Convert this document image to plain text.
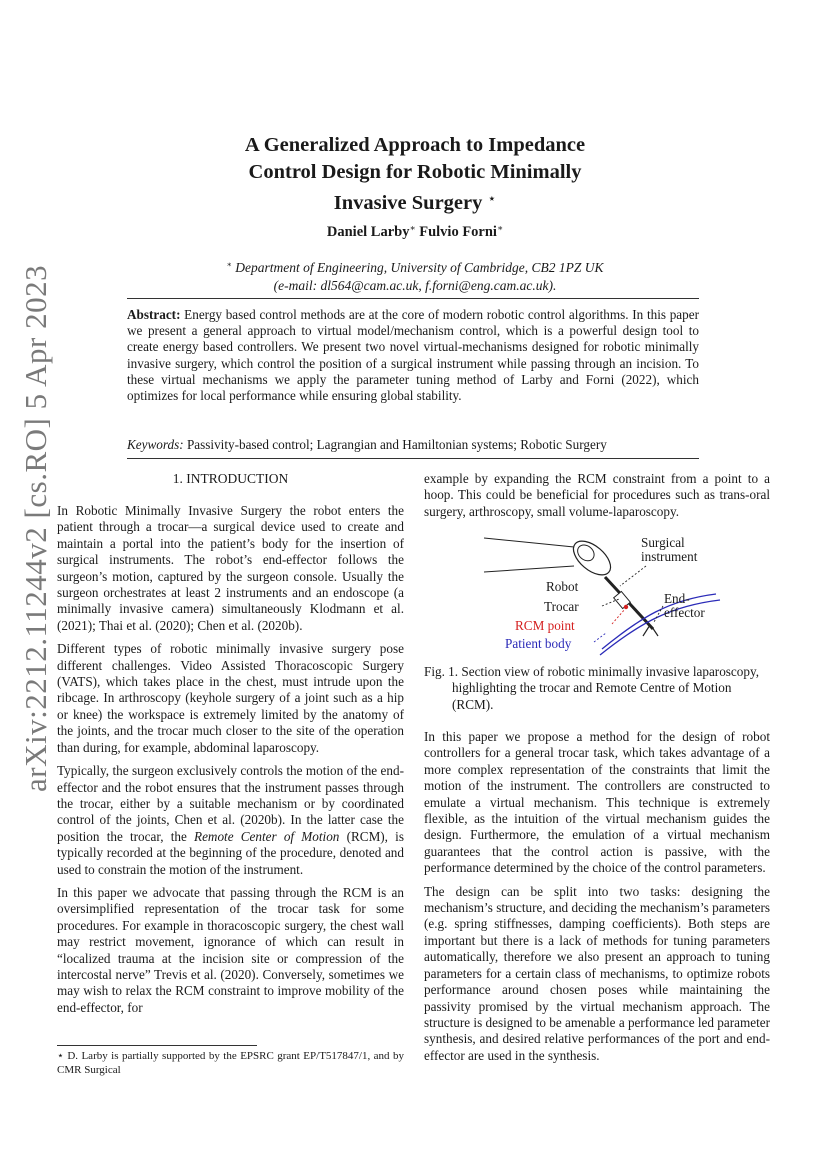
arXiv:2212.11244v2 [cs.RO] 5 Apr 2023
A Generalized Approach to Impedance
Control Design for Robotic Minimally
Invasive Surgery ⋆
Daniel Larby∗ Fulvio Forni∗
∗ Department of Engineering, University of Cambridge, CB2 1PZ UK
(e-mail: dl564@cam.ac.uk, f.forni@eng.cam.ac.uk).
Abstract: Energy based control methods are at the core of modern robotic control algorithms. In this paper we present a general approach to virtual model/mechanism control, which is a powerful design tool to create energy based controllers. We present two novel virtual-mechanisms designed for robotic minimally invasive surgery, which control the position of a surgical instrument while passing through an incision. To these virtual mechanisms we apply the parameter tuning method of Larby and Forni (2022), which optimizes for local performance while ensuring global stability.
Keywords: Passivity-based control; Lagrangian and Hamiltonian systems; Robotic Surgery
1. INTRODUCTION

In Robotic Minimally Invasive Surgery the robot enters the patient through a trocar—a surgical device used to create and maintain a portal into the patient’s body for the insertion of surgical instruments. The robot’s end-effector follows the surgeon’s motion, captured by the surgeon console. Usually the surgeon orchestrates at least 2 instruments and an endoscope (a minimally invasive camera) simultaneously Klodmann et al. (2021); Thai et al. (2020); Chen et al. (2020b).

Different types of robotic minimally invasive surgery pose different challenges. Video Assisted Thoracoscopic Surgery (VATS), which takes place in the chest, must intrude upon the ribcage. In arthroscopy (keyhole surgery of a joint such as a hip or knee) the workspace is extremely limited by the anatomy of the joints, and the trocar much closer to the site of the operation than during, for example, abdominal laparoscopy.

Typically, the surgeon exclusively controls the motion of the end-effector and the robot ensures that the instrument passes through the trocar, either by a suitable mechanism or by coordinated control of the joints, Chen et al. (2020b). In the latter case the position the trocar, the Remote Center of Motion (RCM), is typically recorded at the beginning of the procedure, denoted and used to constrain the motion of the instrument.

In this paper we advocate that passing through the RCM is an oversimplified representation of the trocar task for some procedures. For example in thoracoscopic surgery, the chest wall may restrict movement, ignorance of which can result in “localized trauma at the incision site or compression of the intercostal nerve” Trevis et al. (2020). Conversely, sometimes we may wish to relax the RCM constraint to improve mobility of the end-effector, for

⋆ D. Larby is partially supported by the EPSRC grant EP/T517847/1, and by CMR Surgical

example by expanding the RCM constraint from a point to a hoop. This could be beneficial for procedures such as trans-oral surgery, arthroscopy, small volume-laparoscopy.

Surgical
instrument
Robot
Trocar
End-
effector
RCM point
Patient body
Fig. 1. Section view of robotic minimally invasive laparoscopy, highlighting the trocar and Remote Centre of Motion (RCM).

In this paper we propose a method for the design of robot controllers for a general trocar task, which takes advantage of a more complex representation of the constraints that limit the motion of the instrument. The controllers are constructed to emulate a virtual mechanism. This technique is extremely flexible, as the intuition of the virtual mechanism guides the design. Furthermore, the emulation of a virtual mechanism guarantees that the control action is passive, with the performance determined by the choice of the control parameters.

The design can be split into two tasks: designing the mechanism’s structure, and deciding the mechanism’s parameters (e.g. spring stiffnesses, damping coefficients). Both steps are important but there is a lack of methods for tuning parameters automatically, therefore we also present an approach to tuning parameters for a certain class of mechanisms, to optimize robots performance around chosen poses while maintaining the passivity promised by the virtual mechanism approach. The structure is designed to be amenable a performance led parameter synthesis, and desired relative performances of the port and end-effector are used in the synthesis.
